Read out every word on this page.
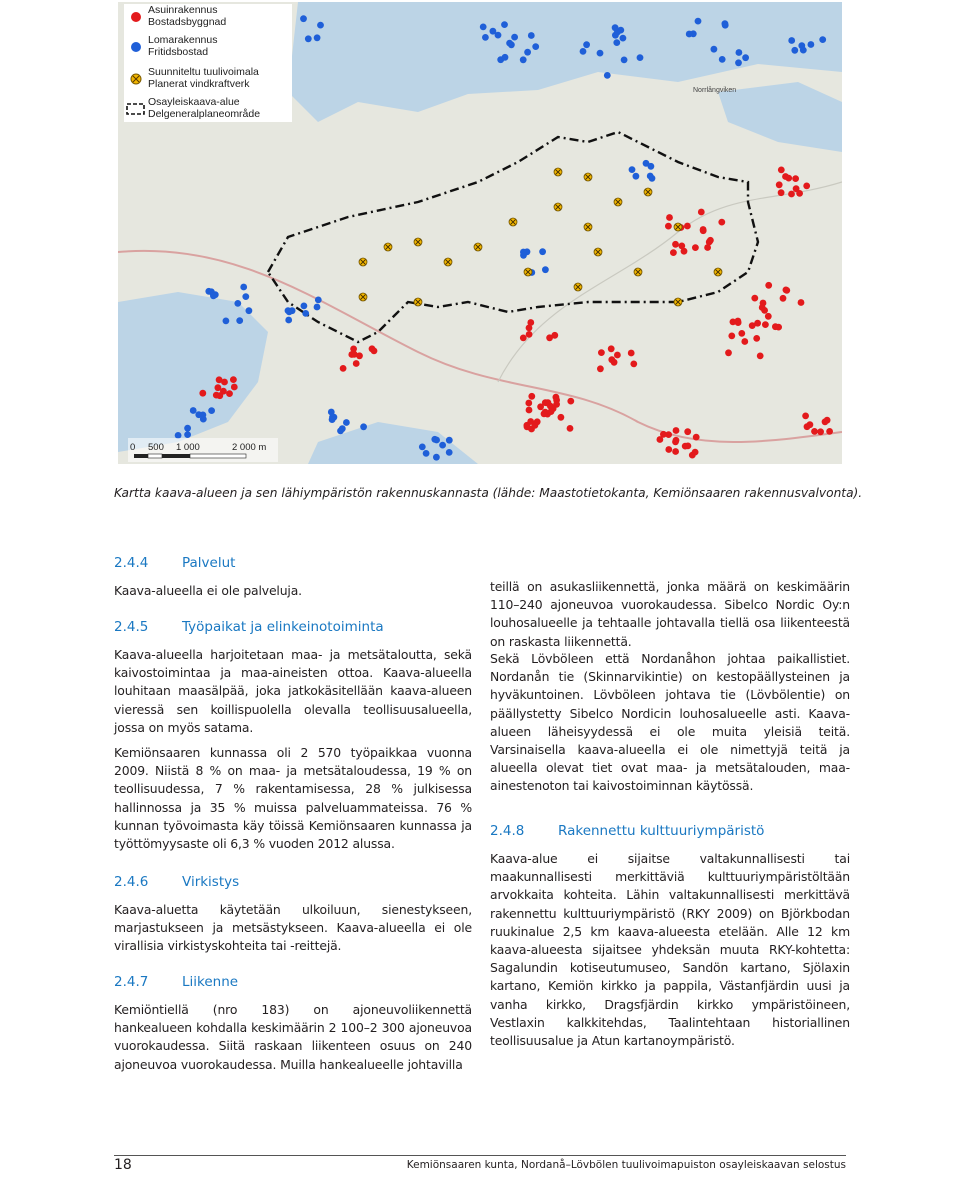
Norrlångviken
Asuinrakennus
Bostadsbyggnad
Lomarakennus
Fritidsbostad
Suunniteltu tuulivoimala
Planerat vindkraftverk
Osayleiskaava-alue
Delgeneralplaneområde
0 500 1 000	2 000 m
Kartta kaava-alueen ja sen lähiympäristön rakennuskannasta (lähde: Maastotietokanta, Kemiönsaaren rakennusvalvonta).
2.4.4 Palvelut
Kaava-alueella ei ole palveluja.
2.4.5 Työpaikat ja elinkeinotoiminta
Kaava-alueella harjoitetaan maa- ja metsätaloutta, sekä kaivostoimintaa ja maa-aineisten ottoa. Kaava-alueella louhitaan maasälpää, joka jatkokäsitellään kaava-alueen vieressä sen koillispuolella olevalla teollisuusalueella, jossa on myös satama.
Kemiönsaaren kunnassa oli 2 570 työpaikkaa vuonna 2009. Niistä 8 % on maa- ja metsätaloudessa, 19 % on teollisuudessa, 7 % rakentamisessa, 28 % julkisessa hallinnossa ja 35 % muissa palveluammateissa. 76 % kunnan työvoimasta käy töissä Kemiönsaaren kunnassa ja työttömyysaste oli 6,3 % vuoden 2012 alussa.
2.4.6 Virkistys
Kaava-aluetta käytetään ulkoiluun, sienestykseen, marjastukseen ja metsästykseen. Kaava-alueella ei ole virallisia virkistyskohteita tai -reittejä.
2.4.7 Liikenne
Kemiöntiellä (nro 183) on ajoneuvoliikennettä hankealueen kohdalla keskimäärin 2 100–2 300 ajoneuvoa vuorokaudessa. Siitä raskaan liikenteen osuus on 240 ajoneuvoa vuorokaudessa. Muilla hankealueelle johtavilla
Sekä Lövböleen että Nordanåhon johtaa paikallistiet. Nordanån tie (Skinnarvikintie) on kestopäällysteinen ja hyväkuntoinen. Lövböleen johtava tie (Lövbölentie) on päällystetty Sibelco Nordicin louhosalueelle asti. Kaava-alueen läheisyydessä ei ole muita yleisiä teitä. Varsinaisella kaava-alueella ei ole nimettyjä teitä ja alueella olevat tiet ovat maa- ja metsätalouden, maa-ainestenoton tai kaivostoiminnan käytössä.
2.4.8 Rakennettu kulttuuriympäristö
Kaava-alue ei sijaitse valtakunnallisesti tai maakunnallisesti merkittäviä kulttuuriympäristöltään arvokkaita kohteita. Lähin valtakunnallisesti merkittävä rakennettu kulttuuriympäristö (RKY 2009) on Björkbodan ruukinalue 2,5 km kaava-alueesta etelään. Alle 12 km kaava-alueesta sijaitsee yhdeksän muuta RKY-kohtetta: Sagalundin kotiseutumuseo, Sandön kartano, Sjölaxin kartano, Kemiön kirkko ja pappila, Västanfjärdin uusi ja vanha kirkko, Dragsfjärdin kirkko ympäristöineen, Vestlaxin kalkkitehdas, Taalintehtaan historiallinen teollisuusalue ja Atun kartanoympäristö.
teillä on asukasliikennettä, jonka määrä on keskimäärin 110–240 ajoneuvoa vuorokaudessa. Sibelco Nordic Oy:n louhosalueelle ja tehtaalle johtavalla tiellä osa liikenteestä on raskasta liikennettä.
18	Kemiönsaaren kunta, Nordanå–Lövbölen tuulivoimapuiston osayleiskaavan selostus
